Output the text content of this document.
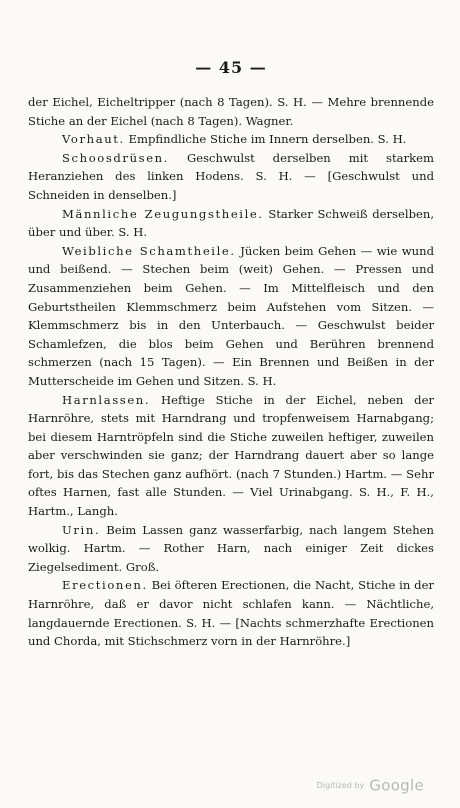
— 45 —

der Eichel, Eicheltripper (nach 8 Tagen). S. H. — Mehre brennende Stiche an der Eichel (nach 8 Tagen). Wagner.

Vorhaut. Empfindliche Stiche im Innern derselben. S. H.

Schoosdrüsen. Geschwulst derselben mit starkem Heranziehen des linken Hodens. S. H. — [Geschwulst und Schneiden in denselben.]

Männliche Zeugungstheile. Starker Schweiß derselben, über und über. S. H.

Weibliche Schamtheile. Jücken beim Gehen — wie wund und beißend. — Stechen beim (weit) Gehen. — Pressen und Zusammenziehen beim Gehen. — Im Mittelfleisch und den Geburtstheilen Klemmschmerz beim Aufstehen vom Sitzen. — Klemmschmerz bis in den Unterbauch. — Geschwulst beider Schamlefzen, die blos beim Gehen und Berühren brennend schmerzen (nach 15 Tagen). — Ein Brennen und Beißen in der Mutterscheide im Gehen und Sitzen. S. H.

Harnlassen. Heftige Stiche in der Eichel, neben der Harnröhre, stets mit Harndrang und tropfenweisem Harnabgang; bei diesem Harntröpfeln sind die Stiche zuweilen heftiger, zuweilen aber verschwinden sie ganz; der Harndrang dauert aber so lange fort, bis das Stechen ganz aufhört. (nach 7 Stunden.) Hartm. — Sehr oftes Harnen, fast alle Stunden. — Viel Urinabgang. S. H., F. H., Hartm., Langh.

Urin. Beim Lassen ganz wasserfarbig, nach langem Stehen wolkig. Hartm. — Rother Harn, nach einiger Zeit dickes Ziegelsediment. Groß.

Erectionen. Bei öfteren Erectionen, die Nacht, Stiche in der Harnröhre, daß er davor nicht schlafen kann. — Nächtliche, langdauernde Erectionen. S. H. — [Nachts schmerzhafte Erectionen und Chorda, mit Stichschmerz vorn in der Harnröhre.]

Digitized by Google
